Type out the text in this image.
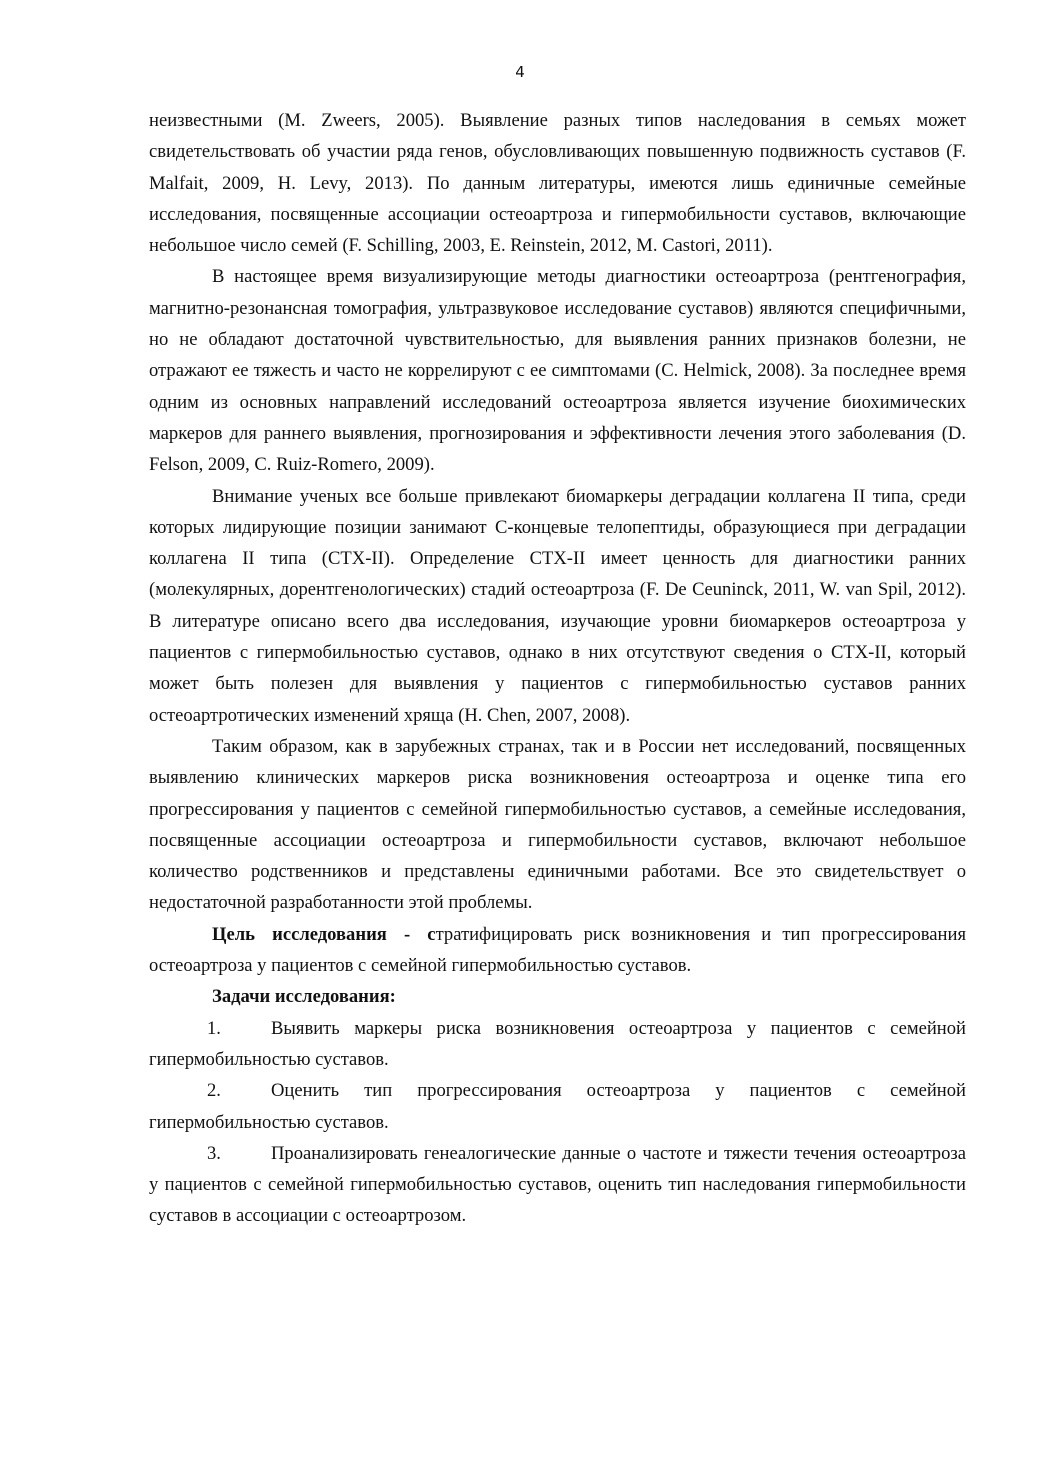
4

неизвестными (M. Zweers, 2005). Выявление разных типов наследования в семьях может свидетельствовать об участии ряда генов, обусловливающих повышенную подвижность суставов (F. Malfait, 2009, H. Levy, 2013). По данным литературы, имеются лишь единичные семейные исследования, посвященные ассоциации остеоартроза и гипермобильности суставов, включающие небольшое число семей (F. Schilling, 2003, E. Reinstein, 2012, M. Castori, 2011).

В настоящее время визуализирующие методы диагностики остеоартроза (рентгенография, магнитно-резонансная томография, ультразвуковое исследование суставов) являются специфичными, но не обладают достаточной чувствительностью, для выявления ранних признаков болезни, не отражают ее тяжесть и часто не коррелируют с ее симптомами (C. Helmick, 2008). За последнее время одним из основных направлений исследований остеоартроза является изучение биохимических маркеров для раннего выявления, прогнозирования и эффективности лечения этого заболевания (D. Felson, 2009, C. Ruiz-Romero, 2009).

Внимание ученых все больше привлекают биомаркеры деградации коллагена II типа, среди которых лидирующие позиции занимают С-концевые телопептиды, образующиеся при деградации коллагена II типа (CTX-II). Определение CTX-II имеет ценность для диагностики ранних (молекулярных, дорентгенологических) стадий остеоартроза (F. De Ceuninck, 2011, W. van Spil, 2012). В литературе описано всего два исследования, изучающие уровни биомаркеров остеоартроза у пациентов с гипермобильностью суставов, однако в них отсутствуют сведения о CTX-II, который может быть полезен для выявления у пациентов с гипермобильностью суставов ранних остеоартротических изменений хряща (H. Chen, 2007, 2008).

Таким образом, как в зарубежных странах, так и в России нет исследований, посвященных выявлению клинических маркеров риска возникновения остеоартроза и оценке типа его прогрессирования у пациентов с семейной гипермобильностью суставов, а семейные исследования, посвященные ассоциации остеоартроза и гипермобильности суставов, включают небольшое количество родственников и представлены единичными работами. Все это свидетельствует о недостаточной разработанности этой проблемы.

Цель исследования - стратифицировать риск возникновения и тип прогрессирования остеоартроза у пациентов с семейной гипермобильностью суставов.

Задачи исследования:

1.	Выявить маркеры риска возникновения остеоартроза у пациентов с семейной гипермобильностью суставов.

2.	Оценить тип прогрессирования остеоартроза у пациентов с семейной гипермобильностью суставов.

3.	Проанализировать генеалогические данные о частоте и тяжести течения остеоартроза у пациентов с семейной гипермобильностью суставов, оценить тип наследования гипермобильности суставов в ассоциации с остеоартрозом.
